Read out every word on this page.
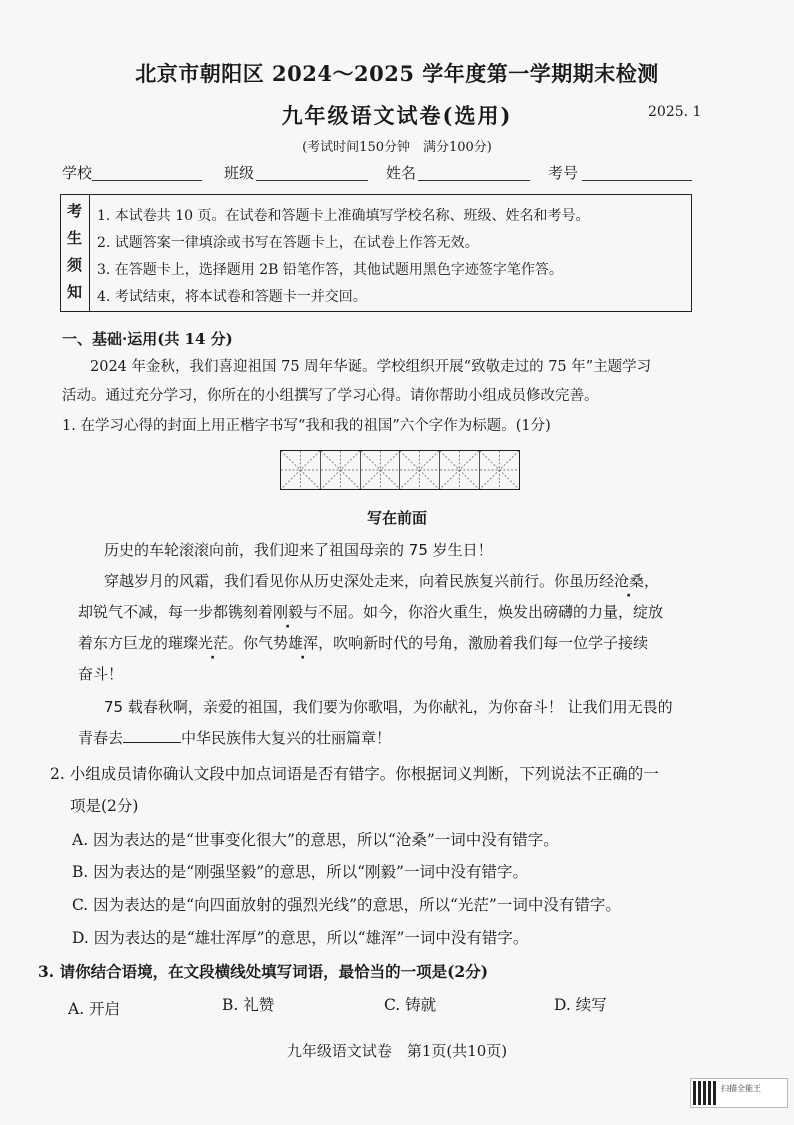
北京市朝阳区 2024～2025 学年度第一学期期末检测
九年级语文试卷(选用)	2025. 1
(考试时间150分钟　满分100分)
学校	班级	姓名	考号
1. 本试卷共 10 页。在试卷和答题卡上准确填写学校名称、班级、姓名和考号。
2. 试题答案一律填涂或书写在答题卡上，在试卷上作答无效。
3. 在答题卡上，选择题用 2B 铅笔作答，其他试题用黑色字迹签字笔作答。
4. 考试结束，将本试卷和答题卡一并交回。
考
生
须
知
一、基础·运用(共 14 分)
2024 年金秋，我们喜迎祖国 75 周年华诞。学校组织开展“致敬走过的 75 年”主题学习
活动。通过充分学习，你所在的小组撰写了学习心得。请你帮助小组成员修改完善。
1. 在学习心得的封面上用正楷字书写“我和我的祖国”六个字作为标题。(1分)
写在前面
历史的车轮滚滚向前，我们迎来了祖国母亲的 75 岁生日！
穿越岁月的风霜，我们看见你从历史深处走来，向着民族复兴前行。你虽历经沧桑，
却锐气不减，每一步都镌刻着刚毅与不屈。如今，你浴火重生，焕发出磅礴的力量，绽放
着东方巨龙的璀璨光茫。你气势雄浑，吹响新时代的号角，激励着我们每一位学子接续
奋斗！
75 载春秋啊，亲爱的祖国，我们要为你歌唱，为你献礼，为你奋斗！ 让我们用无畏的
青春去	中华民族伟大复兴的壮丽篇章！
2. 小组成员请你确认文段中加点词语是否有错字。你根据词义判断，下列说法不正确的一
项是(2分)
A. 因为表达的是“世事变化很大”的意思，所以“沧桑”一词中没有错字。
B. 因为表达的是“刚强坚毅”的意思，所以“刚毅”一词中没有错字。
C. 因为表达的是“向四面放射的强烈光线”的意思，所以“光茫”一词中没有错字。
D. 因为表达的是“雄壮浑厚”的意思，所以“雄浑”一词中没有错字。
3. 请你结合语境，在文段横线处填写词语，最恰当的一项是(2分)
A. 开启	B. 礼赞	C. 铸就	D. 续写
九年级语文试卷　第1页(共10页)
扫描全能王
